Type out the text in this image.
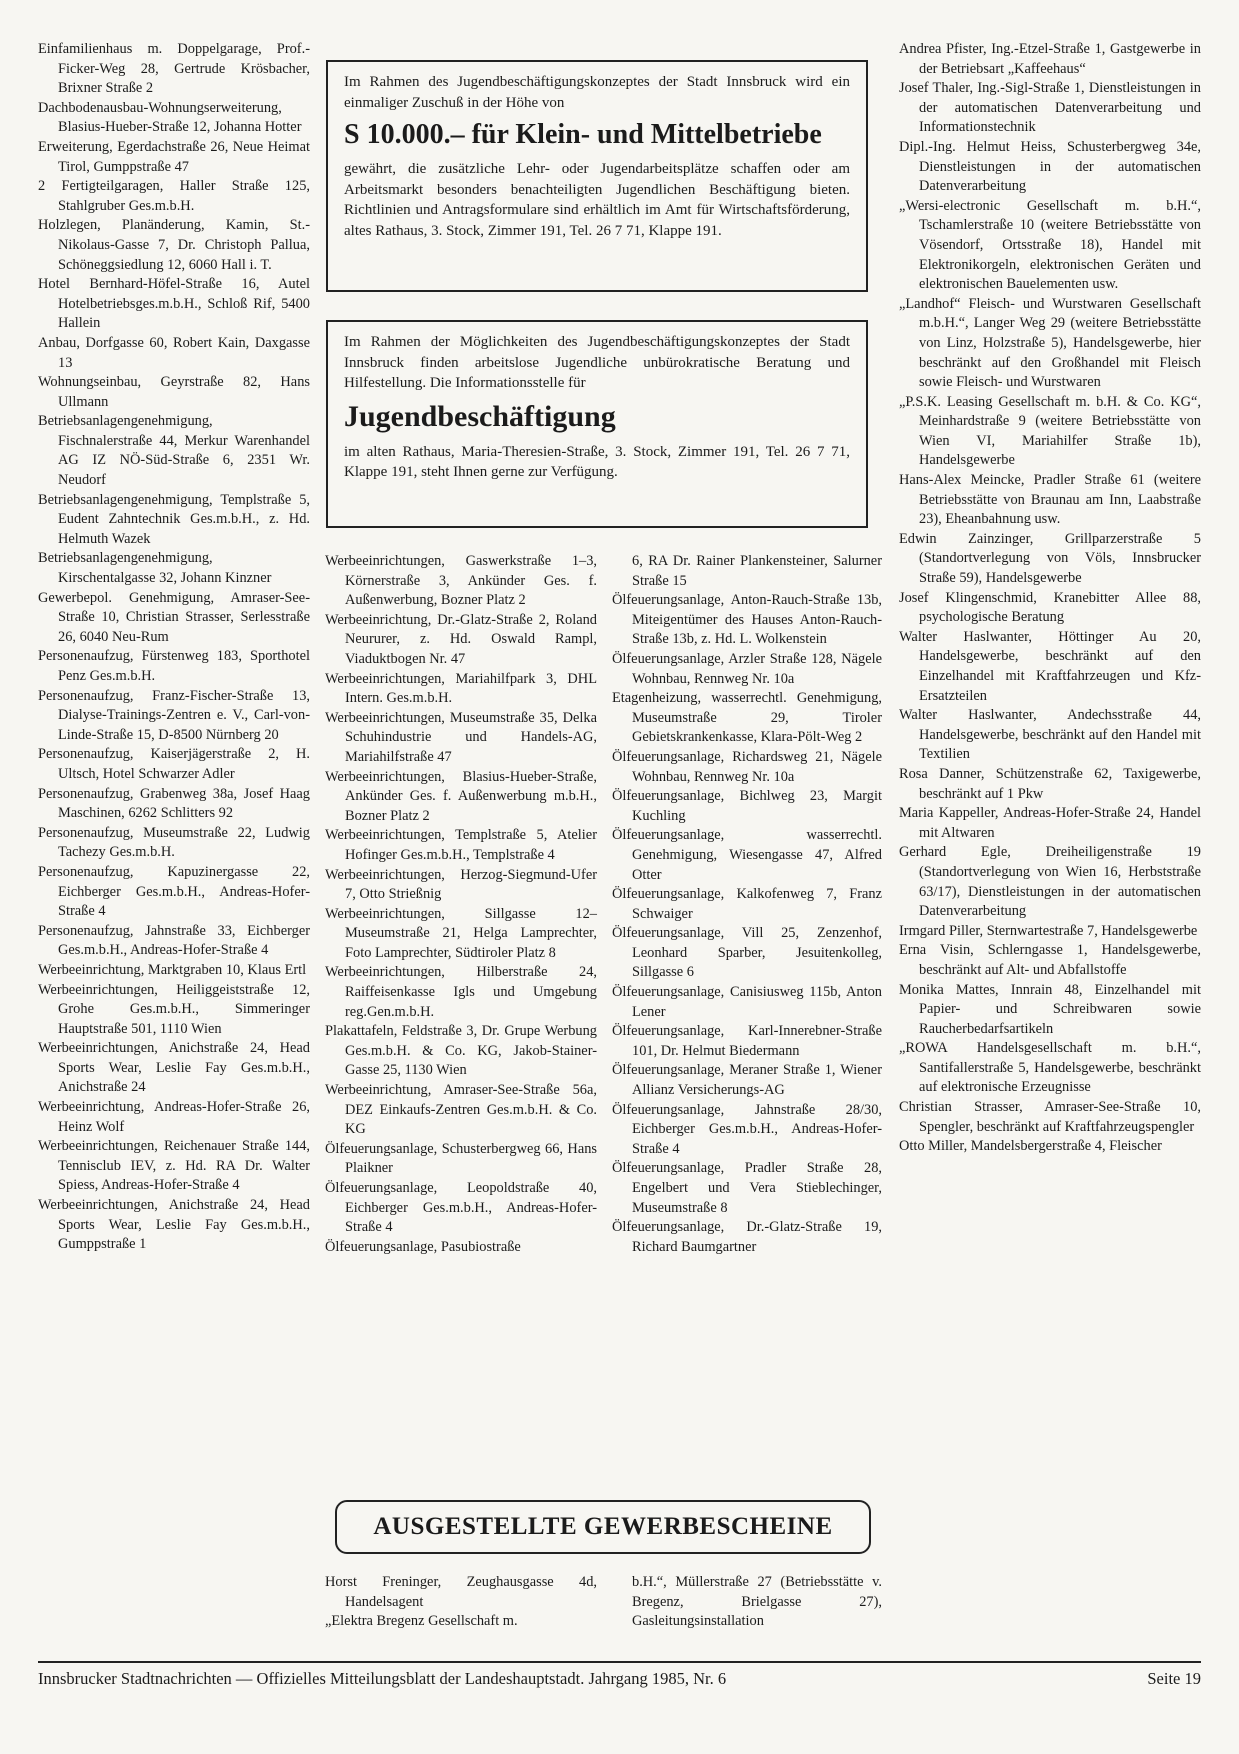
Einfamilienhaus m. Doppelgarage, Prof.-Ficker-Weg 28, Gertrude Krösbacher, Brixner Straße 2
Dachbodenausbau-Wohnungserweiterung, Blasius-Hueber-Straße 12, Johanna Hotter
Erweiterung, Egerdachstraße 26, Neue Heimat Tirol, Gumppstraße 47
2 Fertigteilgaragen, Haller Straße 125, Stahlgruber Ges.m.b.H.
Holzlegen, Planänderung, Kamin, St.-Nikolaus-Gasse 7, Dr. Christoph Pallua, Schöneggsiedlung 12, 6060 Hall i. T.
Hotel Bernhard-Höfel-Straße 16, Autel Hotelbetriebsges.m.b.H., Schloß Rif, 5400 Hallein
Anbau, Dorfgasse 60, Robert Kain, Daxgasse 13
Wohnungseinbau, Geyrstraße 82, Hans Ullmann
Betriebsanlagengenehmigung, Fischnalerstraße 44, Merkur Warenhandel AG IZ NÖ-Süd-Straße 6, 2351 Wr. Neudorf
Betriebsanlagengenehmigung, Templstraße 5, Eudent Zahntechnik Ges.m.b.H., z. Hd. Helmuth Wazek
Betriebsanlagengenehmigung, Kirschentalgasse 32, Johann Kinzner
Gewerbepol. Genehmigung, Amraser-See-Straße 10, Christian Strasser, Serlesstraße 26, 6040 Neu-Rum
Personenaufzug, Fürstenweg 183, Sporthotel Penz Ges.m.b.H.
Personenaufzug, Franz-Fischer-Straße 13, Dialyse-Trainings-Zentren e. V., Carl-von-Linde-Straße 15, D-8500 Nürnberg 20
Personenaufzug, Kaiserjägerstraße 2, H. Ultsch, Hotel Schwarzer Adler
Personenaufzug, Grabenweg 38a, Josef Haag Maschinen, 6262 Schlitters 92
Personenaufzug, Museumstraße 22, Ludwig Tachezy Ges.m.b.H.
Personenaufzug, Kapuzinergasse 22, Eichberger Ges.m.b.H., Andreas-Hofer-Straße 4
Personenaufzug, Jahnstraße 33, Eichberger Ges.m.b.H., Andreas-Hofer-Straße 4
Werbeeinrichtung, Marktgraben 10, Klaus Ertl
Werbeeinrichtungen, Heiliggeiststraße 12, Grohe Ges.m.b.H., Simmeringer Hauptstraße 501, 1110 Wien
Werbeeinrichtungen, Anichstraße 24, Head Sports Wear, Leslie Fay Ges.m.b.H., Anichstraße 24
Werbeeinrichtung, Andreas-Hofer-Straße 26, Heinz Wolf
Werbeeinrichtungen, Reichenauer Straße 144, Tennisclub IEV, z. Hd. RA Dr. Walter Spiess, Andreas-Hofer-Straße 4
Werbeeinrichtungen, Anichstraße 24, Head Sports Wear, Leslie Fay Ges.m.b.H., Gumppstraße 1
Im Rahmen des Jugendbeschäftigungskonzeptes der Stadt Innsbruck wird ein einmaliger Zuschuß in der Höhe von
S 10.000.– für Klein- und Mittelbetriebe
gewährt, die zusätzliche Lehr- oder Jugendarbeitsplätze schaffen oder am Arbeitsmarkt besonders benachteiligten Jugendlichen Beschäftigung bieten. Richtlinien und Antragsformulare sind erhältlich im Amt für Wirtschaftsförderung, altes Rathaus, 3. Stock, Zimmer 191, Tel. 26 7 71, Klappe 191.
Im Rahmen der Möglichkeiten des Jugendbeschäftigungskonzeptes der Stadt Innsbruck finden arbeitslose Jugendliche unbürokratische Beratung und Hilfestellung. Die Informationsstelle für
Jugendbeschäftigung
im alten Rathaus, Maria-Theresien-Straße, 3. Stock, Zimmer 191, Tel. 26 7 71, Klappe 191, steht Ihnen gerne zur Verfügung.
Werbeeinrichtungen, Gaswerkstraße 1–3, Körnerstraße 3, Ankünder Ges. f. Außenwerbung, Bozner Platz 2
Werbeeinrichtung, Dr.-Glatz-Straße 2, Roland Neururer, z. Hd. Oswald Rampl, Viaduktbogen Nr. 47
Werbeeinrichtungen, Mariahilfpark 3, DHL Intern. Ges.m.b.H.
Werbeeinrichtungen, Museumstraße 35, Delka Schuhindustrie und Handels-AG, Mariahilfstraße 47
Werbeeinrichtungen, Blasius-Hueber-Straße, Ankünder Ges. f. Außenwerbung m.b.H., Bozner Platz 2
Werbeeinrichtungen, Templstraße 5, Atelier Hofinger Ges.m.b.H., Templstraße 4
Werbeeinrichtungen, Herzog-Siegmund-Ufer 7, Otto Strießnig
Werbeeinrichtungen, Sillgasse 12–Museumstraße 21, Helga Lamprechter, Foto Lamprechter, Südtiroler Platz 8
Werbeeinrichtungen, Hilberstraße 24, Raiffeisenkasse Igls und Umgebung reg.Gen.m.b.H.
Plakattafeln, Feldstraße 3, Dr. Grupe Werbung Ges.m.b.H. & Co. KG, Jakob-Stainer-Gasse 25, 1130 Wien
Werbeeinrichtung, Amraser-See-Straße 56a, DEZ Einkaufs-Zentren Ges.m.b.H. & Co. KG
Ölfeuerungsanlage, Schusterbergweg 66, Hans Plaikner
Ölfeuerungsanlage, Leopoldstraße 40, Eichberger Ges.m.b.H., Andreas-Hofer-Straße 4
Ölfeuerungsanlage, Pasubiostraße
6, RA Dr. Rainer Plankensteiner, Salurner Straße 15
Ölfeuerungsanlage, Anton-Rauch-Straße 13b, Miteigentümer des Hauses Anton-Rauch-Straße 13b, z. Hd. L. Wolkenstein
Ölfeuerungsanlage, Arzler Straße 128, Nägele Wohnbau, Rennweg Nr. 10a
Etagenheizung, wasserrechtl. Genehmigung, Museumstraße 29, Tiroler Gebietskrankenkasse, Klara-Pölt-Weg 2
Ölfeuerungsanlage, Richardsweg 21, Nägele Wohnbau, Rennweg Nr. 10a
Ölfeuerungsanlage, Bichlweg 23, Margit Kuchling
Ölfeuerungsanlage, wasserrechtl. Genehmigung, Wiesengasse 47, Alfred Otter
Ölfeuerungsanlage, Kalkofenweg 7, Franz Schwaiger
Ölfeuerungsanlage, Vill 25, Zenzenhof, Leonhard Sparber, Jesuitenkolleg, Sillgasse 6
Ölfeuerungsanlage, Canisiusweg 115b, Anton Lener
Ölfeuerungsanlage, Karl-Innerebner-Straße 101, Dr. Helmut Biedermann
Ölfeuerungsanlage, Meraner Straße 1, Wiener Allianz Versicherungs-AG
Ölfeuerungsanlage, Jahnstraße 28/30, Eichberger Ges.m.b.H., Andreas-Hofer-Straße 4
Ölfeuerungsanlage, Pradler Straße 28, Engelbert und Vera Stieblechinger, Museumstraße 8
Ölfeuerungsanlage, Dr.-Glatz-Straße 19, Richard Baumgartner
AUSGESTELLTE GEWERBESCHEINE
Horst Freninger, Zeughausgasse 4d, Handelsagent
„Elektra Bregenz Gesellschaft m.
b.H.“, Müllerstraße 27 (Betriebsstätte v. Bregenz, Brielgasse 27), Gasleitungsinstallation
Andrea Pfister, Ing.-Etzel-Straße 1, Gastgewerbe in der Betriebsart „Kaffeehaus“
Josef Thaler, Ing.-Sigl-Straße 1, Dienstleistungen in der automatischen Datenverarbeitung und Informationstechnik
Dipl.-Ing. Helmut Heiss, Schusterbergweg 34e, Dienstleistungen in der automatischen Datenverarbeitung
„Wersi-electronic Gesellschaft m. b.H.“, Tschamlerstraße 10 (weitere Betriebsstätte von Vösendorf, Ortsstraße 18), Handel mit Elektronikorgeln, elektronischen Geräten und elektronischen Bauelementen usw.
„Landhof“ Fleisch- und Wurstwaren Gesellschaft m.b.H.“, Langer Weg 29 (weitere Betriebsstätte von Linz, Holzstraße 5), Handelsgewerbe, hier beschränkt auf den Großhandel mit Fleisch sowie Fleisch- und Wurstwaren
„P.S.K. Leasing Gesellschaft m. b.H. & Co. KG“, Meinhardstraße 9 (weitere Betriebsstätte von Wien VI, Mariahilfer Straße 1b), Handelsgewerbe
Hans-Alex Meincke, Pradler Straße 61 (weitere Betriebsstätte von Braunau am Inn, Laabstraße 23), Eheanbahnung usw.
Edwin Zainzinger, Grillparzerstraße 5 (Standortverlegung von Völs, Innsbrucker Straße 59), Handelsgewerbe
Josef Klingenschmid, Kranebitter Allee 88, psychologische Beratung
Walter Haslwanter, Höttinger Au 20, Handelsgewerbe, beschränkt auf den Einzelhandel mit Kraftfahrzeugen und Kfz-Ersatzteilen
Walter Haslwanter, Andechsstraße 44, Handelsgewerbe, beschränkt auf den Handel mit Textilien
Rosa Danner, Schützenstraße 62, Taxigewerbe, beschränkt auf 1 Pkw
Maria Kappeller, Andreas-Hofer-Straße 24, Handel mit Altwaren
Gerhard Egle, Dreiheiligenstraße 19 (Standortverlegung von Wien 16, Herbststraße 63/17), Dienstleistungen in der automatischen Datenverarbeitung
Irmgard Piller, Sternwartestraße 7, Handelsgewerbe
Erna Visin, Schlerngasse 1, Handelsgewerbe, beschränkt auf Alt- und Abfallstoffe
Monika Mattes, Innrain 48, Einzelhandel mit Papier- und Schreibwaren sowie Raucherbedarfsartikeln
„ROWA Handelsgesellschaft m. b.H.“, Santifallerstraße 5, Handelsgewerbe, beschränkt auf elektronische Erzeugnisse
Christian Strasser, Amraser-See-Straße 10, Spengler, beschränkt auf Kraftfahrzeugspengler
Otto Miller, Mandelsbergerstraße 4, Fleischer
Innsbrucker Stadtnachrichten — Offizielles Mitteilungsblatt der Landeshauptstadt. Jahrgang 1985, Nr. 6	Seite 19
